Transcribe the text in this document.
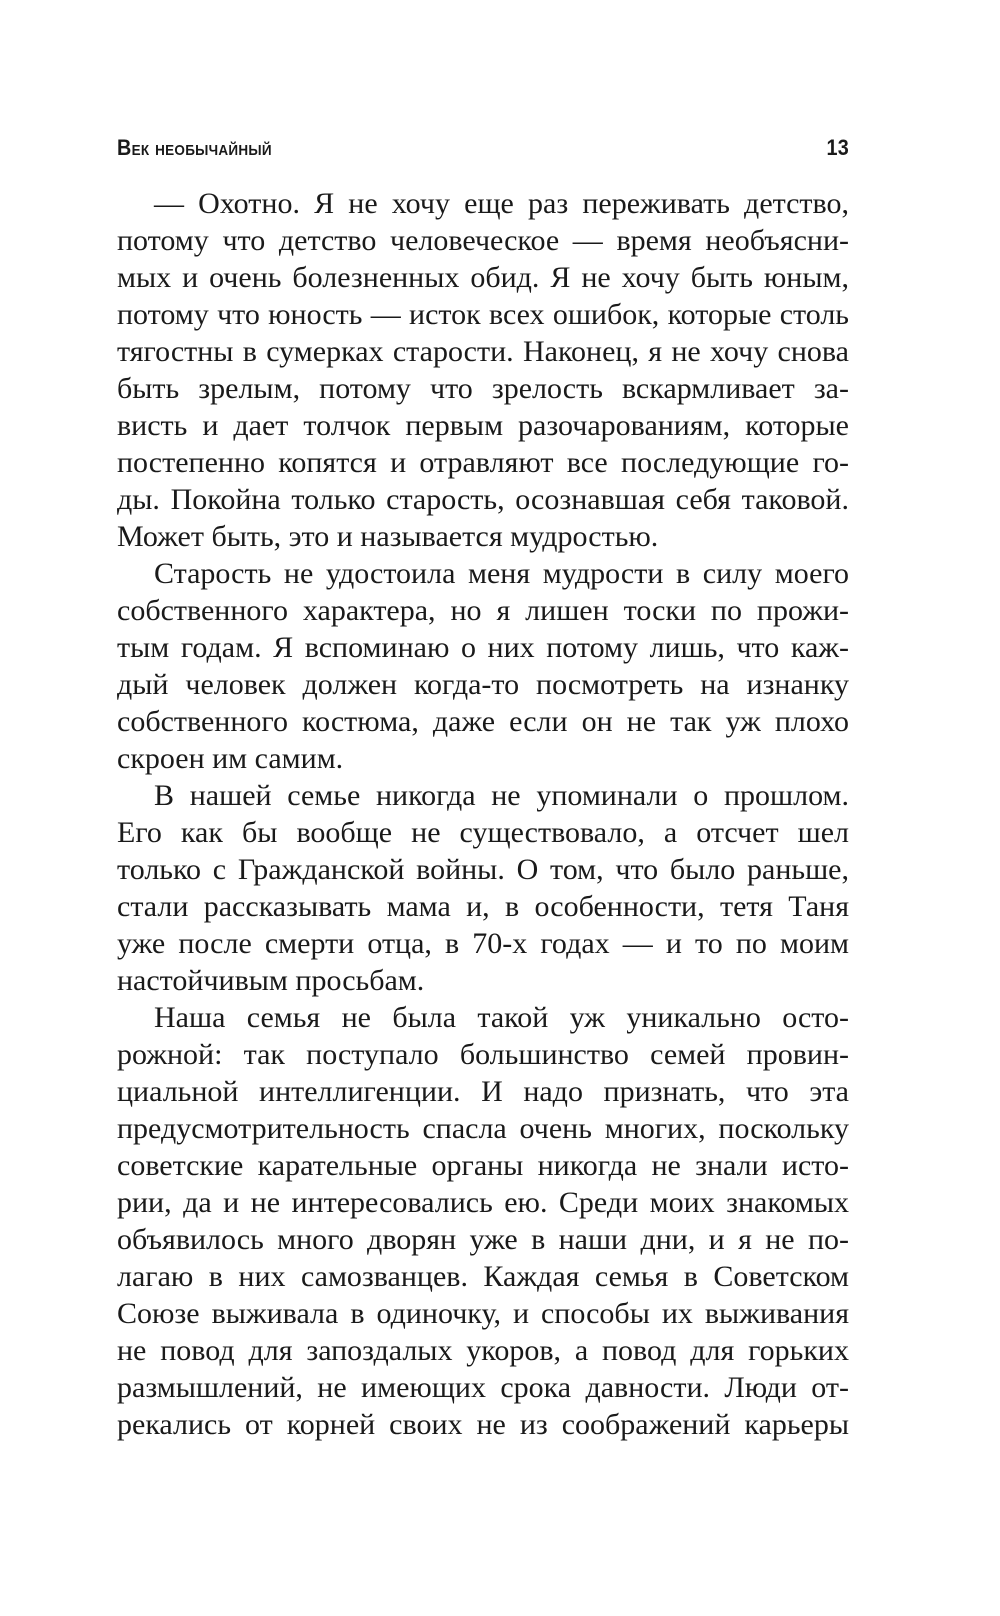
Век необычайный	13
— Охотно. Я не хочу еще раз переживать детство,
потому что детство человеческое — время необъясни-
мых и очень болезненных обид. Я не хочу быть юным,
потому что юность — исток всех ошибок, которые столь
тягостны в сумерках старости. Наконец, я не хочу снова
быть зрелым, потому что зрелость вскармливает за-
висть и дает толчок первым разочарованиям, которые
постепенно копятся и отравляют все последующие го-
ды. Покойна только старость, осознавшая себя таковой.
Может быть, это и называется мудростью.
Старость не удостоила меня мудрости в силу моего
собственного характера, но я лишен тоски по прожи-
тым годам. Я вспоминаю о них потому лишь, что каж-
дый человек должен когда-то посмотреть на изнанку
собственного костюма, даже если он не так уж плохо
скроен им самим.
В нашей семье никогда не упоминали о прошлом.
Его как бы вообще не существовало, а отсчет шел
только с Гражданской войны. О том, что было раньше,
стали рассказывать мама и, в особенности, тетя Таня
уже после смерти отца, в 70-х годах — и то по моим
настойчивым просьбам.
Наша семья не была такой уж уникально осто-
рожной: так поступало большинство семей провин-
циальной интеллигенции. И надо признать, что эта
предусмотрительность спасла очень многих, поскольку
советские карательные органы никогда не знали исто-
рии, да и не интересовались ею. Среди моих знакомых
объявилось много дворян уже в наши дни, и я не по-
лагаю в них самозванцев. Каждая семья в Советском
Союзе выживала в одиночку, и способы их выживания
не повод для запоздалых укоров, а повод для горьких
размышлений, не имеющих срока давности. Люди от-
рекались от корней своих не из соображений карьеры
